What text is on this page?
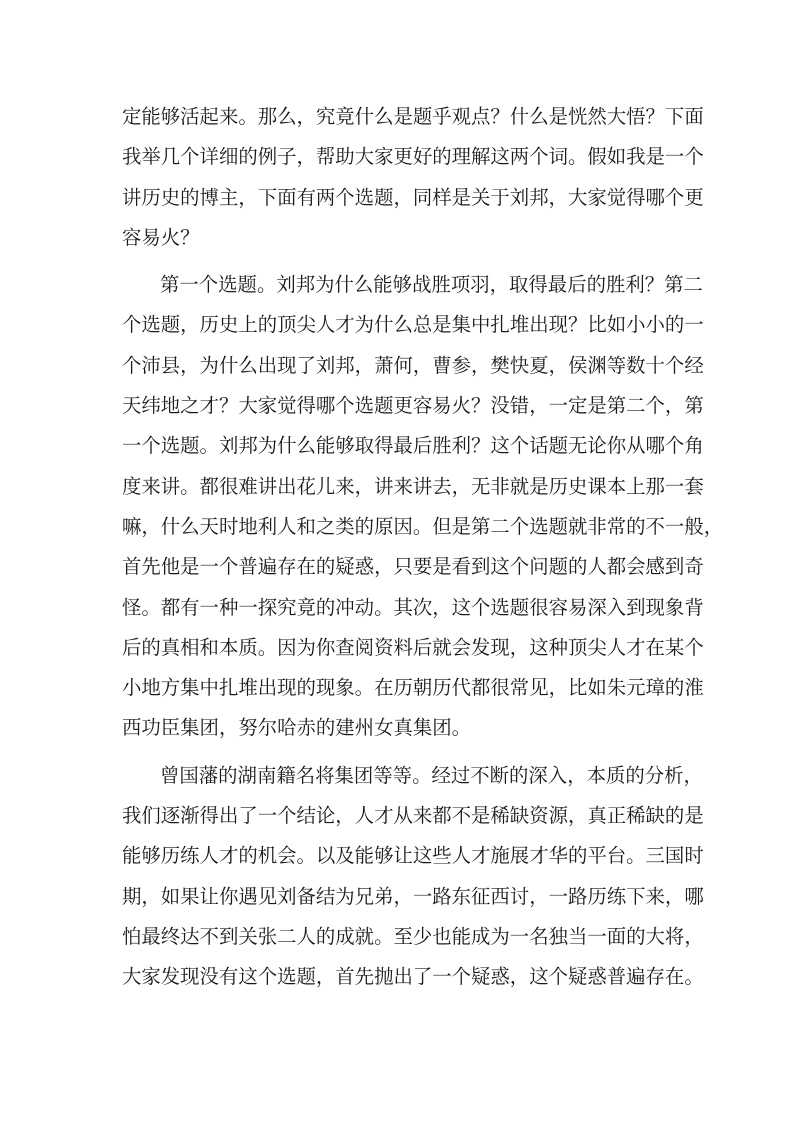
定能够活起来。那么，究竟什么是题乎观点？什么是恍然大悟？下面
我举几个详细的例子，帮助大家更好的理解这两个词。假如我是一个
讲历史的博主，下面有两个选题，同样是关于刘邦，大家觉得哪个更
容易火？
第一个选题。刘邦为什么能够战胜项羽，取得最后的胜利？第二
个选题，历史上的顶尖人才为什么总是集中扎堆出现？比如小小的一
个沛县，为什么出现了刘邦，萧何，曹参，樊快夏，侯渊等数十个经
天纬地之才？大家觉得哪个选题更容易火？没错，一定是第二个，第
一个选题。刘邦为什么能够取得最后胜利？这个话题无论你从哪个角
度来讲。都很难讲出花儿来，讲来讲去，无非就是历史课本上那一套
嘛，什么天时地利人和之类的原因。但是第二个选题就非常的不一般，
首先他是一个普遍存在的疑惑，只要是看到这个问题的人都会感到奇
怪。都有一种一探究竟的冲动。其次，这个选题很容易深入到现象背
后的真相和本质。因为你查阅资料后就会发现，这种顶尖人才在某个
小地方集中扎堆出现的现象。在历朝历代都很常见，比如朱元璋的淮
西功臣集团，努尔哈赤的建州女真集团。
曾国藩的湖南籍名将集团等等。经过不断的深入，本质的分析，
我们逐渐得出了一个结论，人才从来都不是稀缺资源，真正稀缺的是
能够历练人才的机会。以及能够让这些人才施展才华的平台。三国时
期，如果让你遇见刘备结为兄弟，一路东征西讨，一路历练下来，哪
怕最终达不到关张二人的成就。至少也能成为一名独当一面的大将，
大家发现没有这个选题，首先抛出了一个疑惑，这个疑惑普遍存在。
